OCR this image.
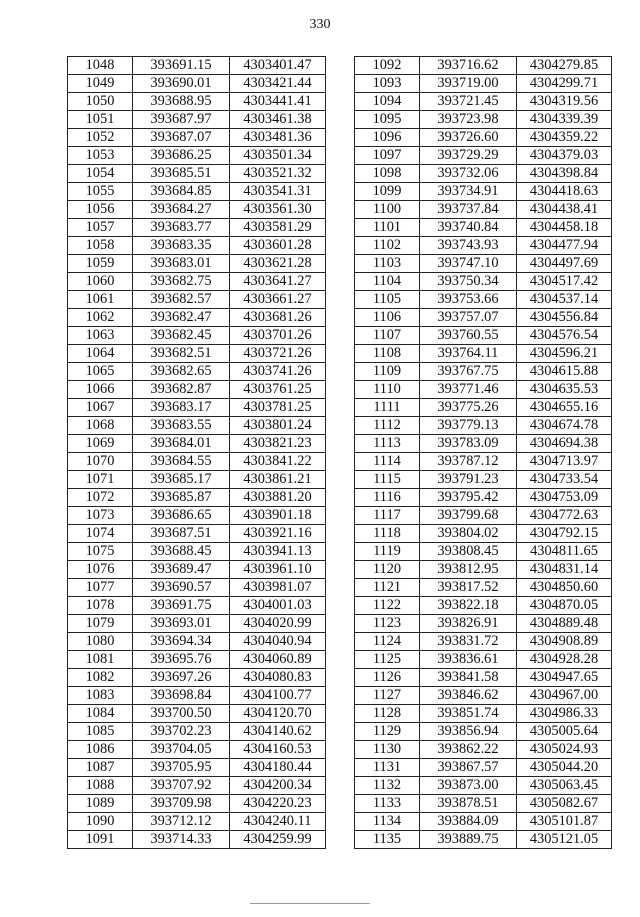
330
1048	393691.15	4303401.47
1049	393690.01	4303421.44
1050	393688.95	4303441.41
1051	393687.97	4303461.38
1052	393687.07	4303481.36
1053	393686.25	4303501.34
1054	393685.51	4303521.32
1055	393684.85	4303541.31
1056	393684.27	4303561.30
1057	393683.77	4303581.29
1058	393683.35	4303601.28
1059	393683.01	4303621.28
1060	393682.75	4303641.27
1061	393682.57	4303661.27
1062	393682.47	4303681.26
1063	393682.45	4303701.26
1064	393682.51	4303721.26
1065	393682.65	4303741.26
1066	393682.87	4303761.25
1067	393683.17	4303781.25
1068	393683.55	4303801.24
1069	393684.01	4303821.23
1070	393684.55	4303841.22
1071	393685.17	4303861.21
1072	393685.87	4303881.20
1073	393686.65	4303901.18
1074	393687.51	4303921.16
1075	393688.45	4303941.13
1076	393689.47	4303961.10
1077	393690.57	4303981.07
1078	393691.75	4304001.03
1079	393693.01	4304020.99
1080	393694.34	4304040.94
1081	393695.76	4304060.89
1082	393697.26	4304080.83
1083	393698.84	4304100.77
1084	393700.50	4304120.70
1085	393702.23	4304140.62
1086	393704.05	4304160.53
1087	393705.95	4304180.44
1088	393707.92	4304200.34
1089	393709.98	4304220.23
1090	393712.12	4304240.11
1091	393714.33	4304259.99
1092	393716.62	4304279.85
1093	393719.00	4304299.71
1094	393721.45	4304319.56
1095	393723.98	4304339.39
1096	393726.60	4304359.22
1097	393729.29	4304379.03
1098	393732.06	4304398.84
1099	393734.91	4304418.63
1100	393737.84	4304438.41
1101	393740.84	4304458.18
1102	393743.93	4304477.94
1103	393747.10	4304497.69
1104	393750.34	4304517.42
1105	393753.66	4304537.14
1106	393757.07	4304556.84
1107	393760.55	4304576.54
1108	393764.11	4304596.21
1109	393767.75	4304615.88
1110	393771.46	4304635.53
1111	393775.26	4304655.16
1112	393779.13	4304674.78
1113	393783.09	4304694.38
1114	393787.12	4304713.97
1115	393791.23	4304733.54
1116	393795.42	4304753.09
1117	393799.68	4304772.63
1118	393804.02	4304792.15
1119	393808.45	4304811.65
1120	393812.95	4304831.14
1121	393817.52	4304850.60
1122	393822.18	4304870.05
1123	393826.91	4304889.48
1124	393831.72	4304908.89
1125	393836.61	4304928.28
1126	393841.58	4304947.65
1127	393846.62	4304967.00
1128	393851.74	4304986.33
1129	393856.94	4305005.64
1130	393862.22	4305024.93
1131	393867.57	4305044.20
1132	393873.00	4305063.45
1133	393878.51	4305082.67
1134	393884.09	4305101.87
1135	393889.75	4305121.05
